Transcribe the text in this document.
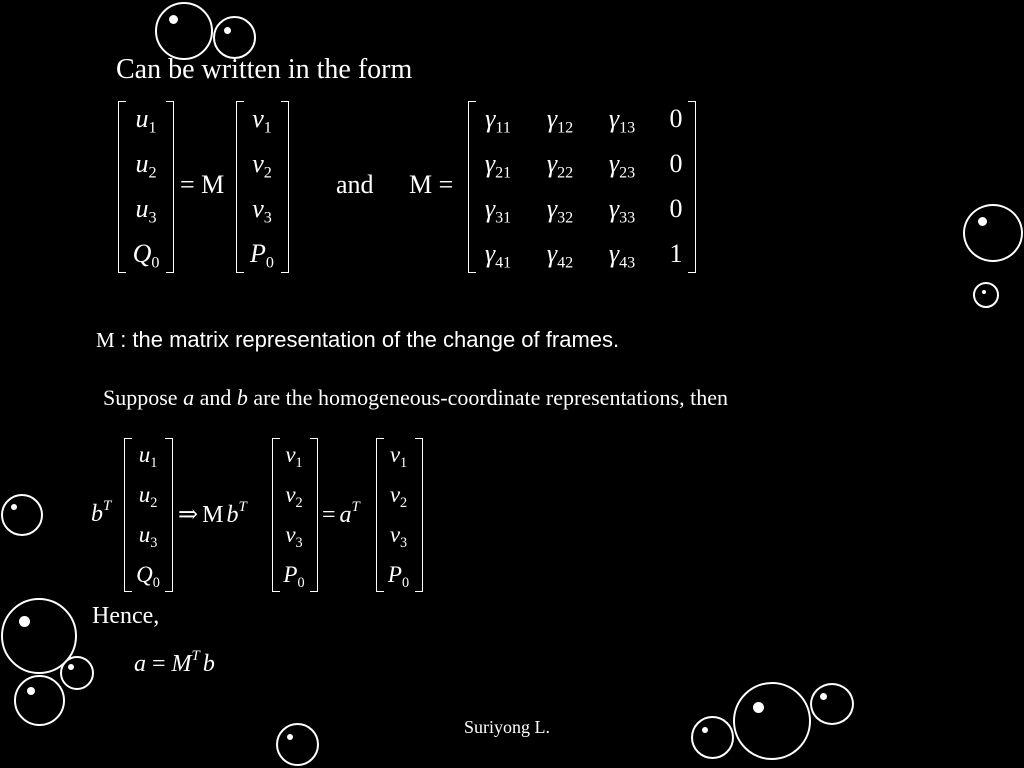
Can be written in the form
$u_1$
$u_2$
$u_3$
$Q_0$
= M
$v_1$
$v_2$
$v_3$
$P_0$
and M =
$\gamma_{11}$	$\gamma_{12}$	$\gamma_{13}$	0
$\gamma_{21}$	$\gamma_{22}$	$\gamma_{23}$	0
$\gamma_{31}$	$\gamma_{32}$	$\gamma_{33}$	0
$\gamma_{41}$	$\gamma_{42}$	$\gamma_{43}$	1
M : the matrix representation of the change of frames.
Suppose a and b are the homogeneous-coordinate representations, then
$b^T$
$u_1$
$u_2$
$u_3$
$Q_0$
⇒ M $b^T$
$v_1$
$v_2$
$v_3$
$P_0$
= $a^T$
$v_1$
$v_2$
$v_3$
$P_0$
Hence,
$a = M^T$ b
Suriyong L.
